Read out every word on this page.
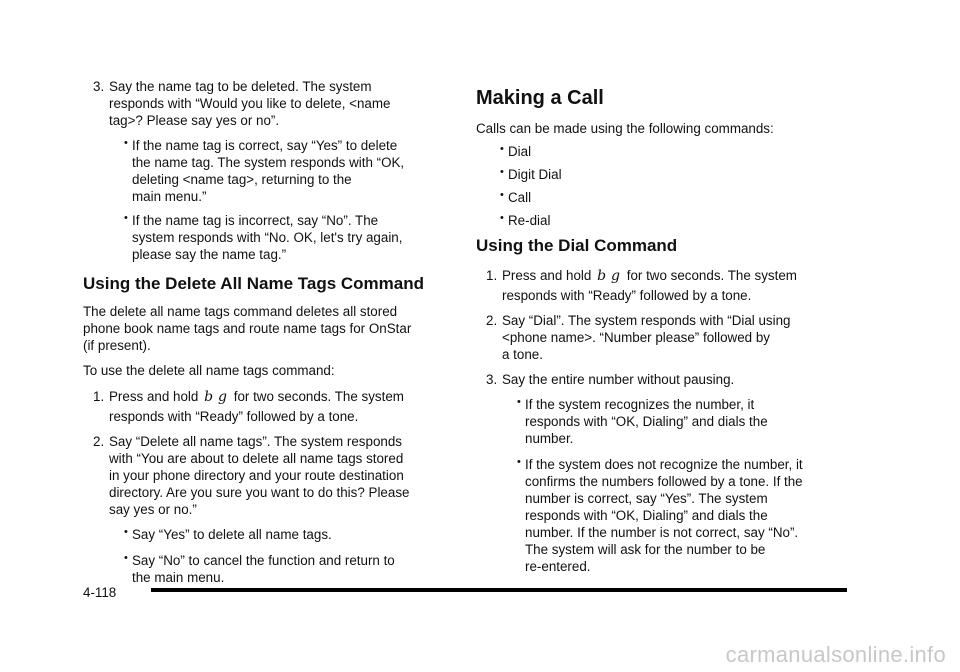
3. Say the name tag to be deleted. The system
responds with “Would you like to delete, <name
tag>? Please say yes or no”.
• If the name tag is correct, say “Yes” to delete
the name tag. The system responds with “OK,
deleting <name tag>, returning to the
main menu.”
• If the name tag is incorrect, say “No”. The
system responds with “No. OK, let's try again,
please say the name tag.”
Using the Delete All Name Tags Command
The delete all name tags command deletes all stored
phone book name tags and route name tags for OnStar
(if present).
To use the delete all name tags command:
1. Press and hold b g for two seconds. The system
responds with “Ready” followed by a tone.
2. Say “Delete all name tags”. The system responds
with “You are about to delete all name tags stored
in your phone directory and your route destination
directory. Are you sure you want to do this? Please
say yes or no.”
• Say “Yes” to delete all name tags.
• Say “No” to cancel the function and return to
the main menu.
Making a Call
Calls can be made using the following commands:
• Dial
• Digit Dial
• Call
• Re-dial
Using the Dial Command
1. Press and hold b g for two seconds. The system
responds with “Ready” followed by a tone.
2. Say “Dial”. The system responds with “Dial using
<phone name>. “Number please” followed by
a tone.
3. Say the entire number without pausing.
• If the system recognizes the number, it
responds with “OK, Dialing” and dials the
number.
• If the system does not recognize the number, it
confirms the numbers followed by a tone. If the
number is correct, say “Yes”. The system
responds with “OK, Dialing” and dials the
number. If the number is not correct, say “No”.
The system will ask for the number to be
re-entered.
4-118
carmanualsonline.info
